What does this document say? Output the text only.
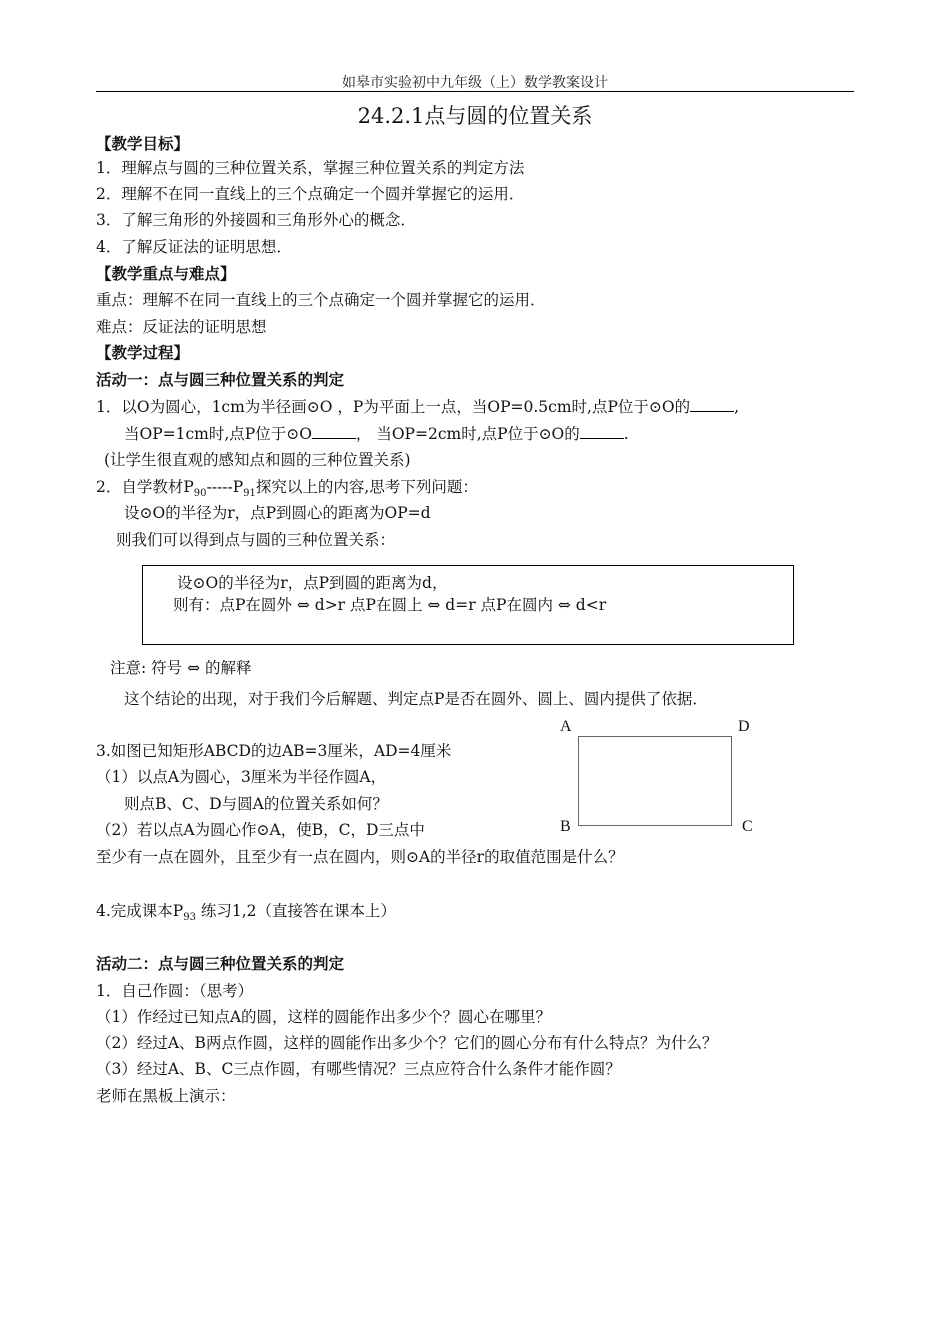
如皋市实验初中九年级（上）数学教案设计
24.2.1点与圆的位置关系
【教学目标】
1．理解点与圆的三种位置关系，掌握三种位置关系的判定方法
2．理解不在同一直线上的三个点确定一个圆并掌握它的运用．
3．了解三角形的外接圆和三角形外心的概念．
4．了解反证法的证明思想．
【教学重点与难点】
重点：理解不在同一直线上的三个点确定一个圆并掌握它的运用．
难点：反证法的证明思想
【教学过程】
活动一：点与圆三种位置关系的判定
1．以O为圆心，1cm为半径画⊙O ，P为平面上一点，当OP=0.5cm时,点P位于⊙O的	,
当OP=1cm时,点P位于⊙O	， 当OP=2cm时,点P位于⊙O的	.
(让学生很直观的感知点和圆的三种位置关系)
2．自学教材$P_{90}-----P_{91}$探究以上的内容,思考下列问题：
设⊙O的半径为r，点P到圆心的距离为OP=d
则我们可以得到点与圆的三种位置关系：
设⊙O的半径为r，点P到圆的距离为d，
则有：点P在圆外 ⇔ d>r 点P在圆上 ⇔ d=r 点P在圆内 ⇔ d<r
注意: 符号 ⇔ 的解释
这个结论的出现，对于我们今后解题、判定点P是否在圆外、圆上、圆内提供了依据．
A	D
B	C
3.如图已知矩形ABCD的边AB=3厘米，AD=4厘米
（1）以点A为圆心，3厘米为半径作圆A，
则点B、C、D与圆A的位置关系如何？
（2）若以点A为圆心作⊙A，使B，C，D三点中
至少有一点在圆外，且至少有一点在圆内，则⊙A的半径r的取值范围是什么？
4.完成课本$P_{93}$ 练习1,2（直接答在课本上）
活动二：点与圆三种位置关系的判定
1．自己作圆：（思考）
（1）作经过已知点A的圆，这样的圆能作出多少个？圆心在哪里？
（2）经过A、B两点作圆，这样的圆能作出多少个？它们的圆心分布有什么特点？为什么？
（3）经过A、B、C三点作圆，有哪些情况？三点应符合什么条件才能作圆？
老师在黑板上演示：
